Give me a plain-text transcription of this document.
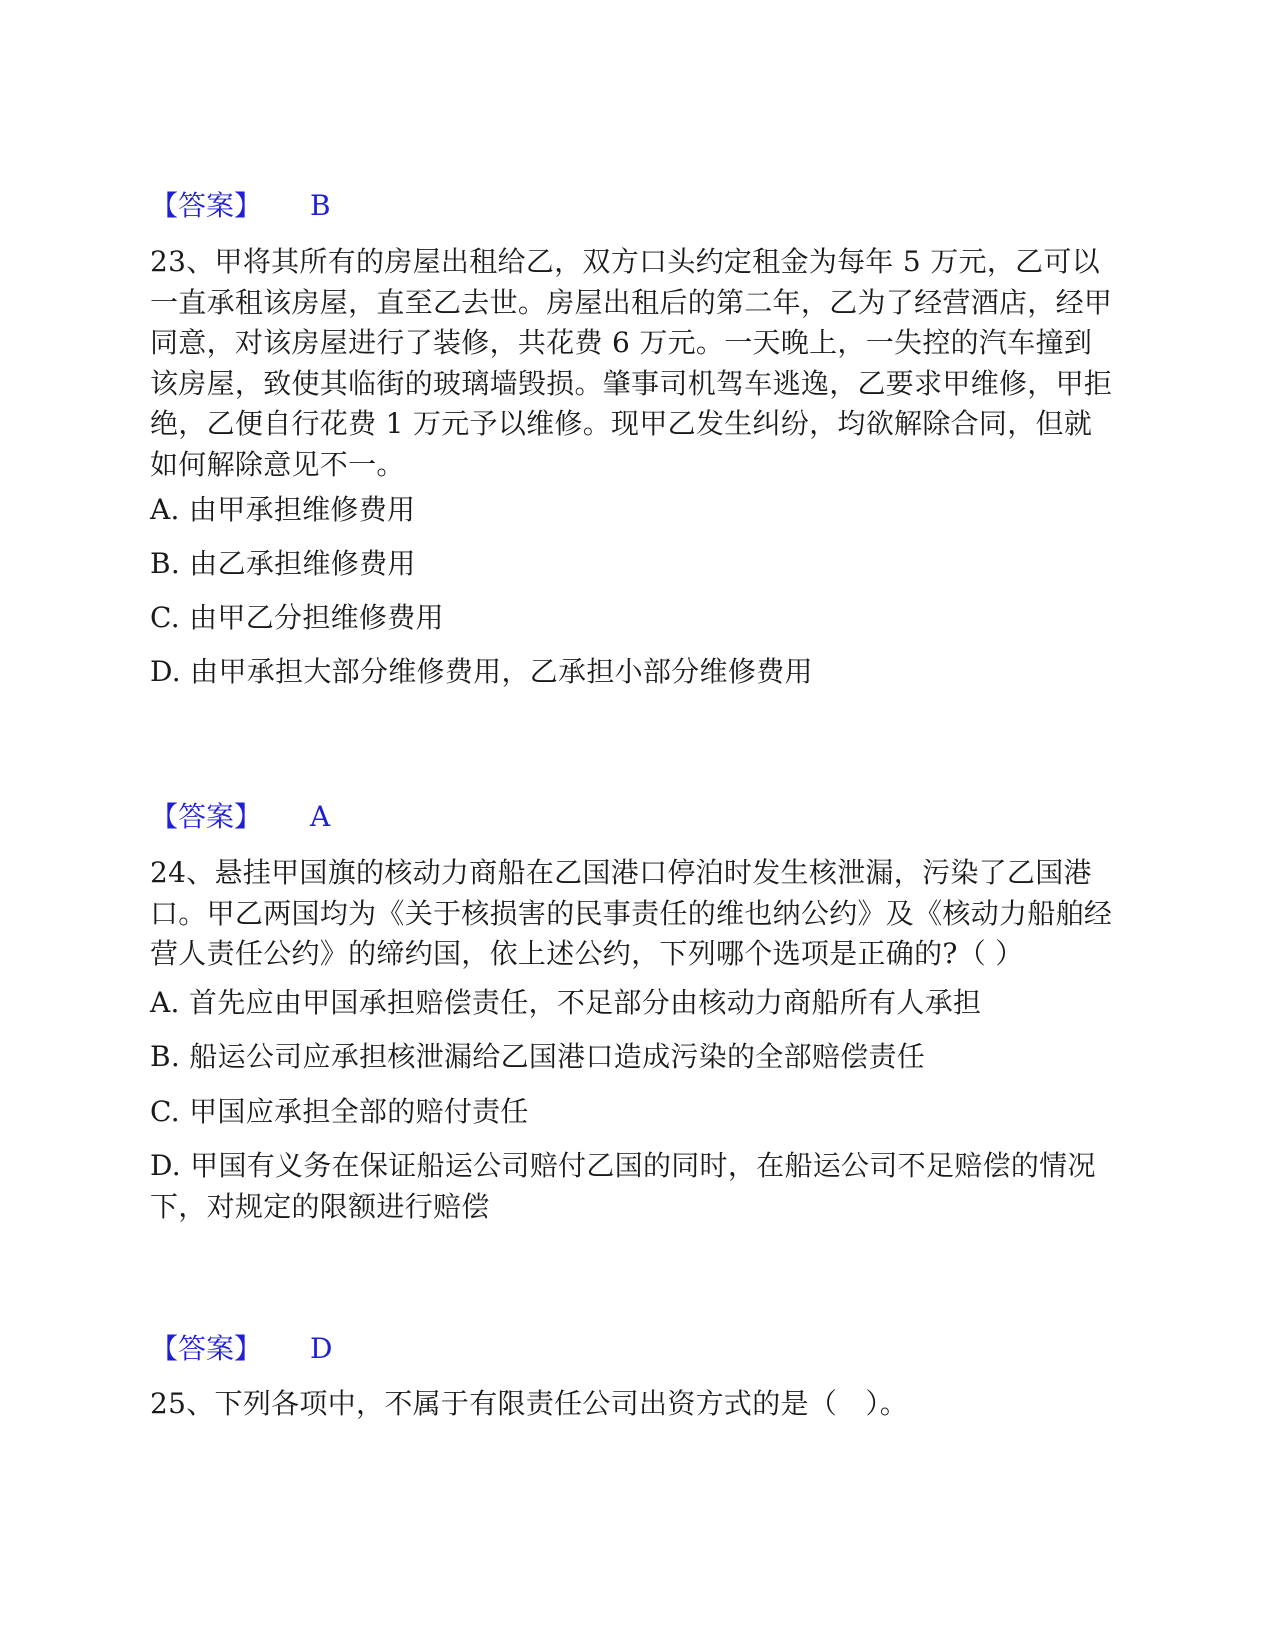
【答案】 B
23、甲将其所有的房屋出租给乙，双方口头约定租金为每年 5 万元，乙可以一直承租该房屋，直至乙去世。房屋出租后的第二年，乙为了经营酒店，经甲同意，对该房屋进行了装修，共花费 6 万元。一天晚上，一失控的汽车撞到该房屋，致使其临街的玻璃墙毁损。肇事司机驾车逃逸，乙要求甲维修，甲拒绝，乙便自行花费 1 万元予以维修。现甲乙发生纠纷，均欲解除合同，但就如何解除意见不一。
A. 由甲承担维修费用
B. 由乙承担维修费用
C. 由甲乙分担维修费用
D. 由甲承担大部分维修费用，乙承担小部分维修费用
【答案】 A
24、悬挂甲国旗的核动力商船在乙国港口停泊时发生核泄漏，污染了乙国港口。甲乙两国均为《关于核损害的民事责任的维也纳公约》及《核动力船舶经营人责任公约》的缔约国，依上述公约，下列哪个选项是正确的?（ ）
A. 首先应由甲国承担赔偿责任，不足部分由核动力商船所有人承担
B. 船运公司应承担核泄漏给乙国港口造成污染的全部赔偿责任
C. 甲国应承担全部的赔付责任
D. 甲国有义务在保证船运公司赔付乙国的同时，在船运公司不足赔偿的情况下，对规定的限额进行赔偿
【答案】 D
25、下列各项中，不属于有限责任公司出资方式的是（　）。
